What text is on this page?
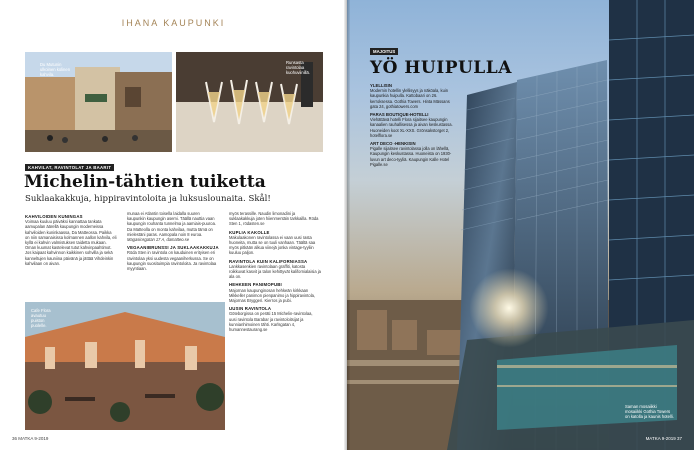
IHANA KAUPUNKI
Du Mutunin ulkoinen kolinen kahvila.
Runsasta ravintolaa kuohuviinillä.
KAHVILAT, RAVINTOLAT JA BAARIT
Michelin-tähtien tuiketta
Suklaakakkuja, hippiravintoloita ja luksuslounaita. Skål!
KAHVILOIDEN KUNINGAS

Voimaa kuuluu päiväksi kannattaa tankata aamupalan äärellä kaupungin moderneissa kahviloiden kuninkaassa, Da Matteossa. Paikka on niin samanaisissa kolmannen aallon kahvila, eli kyllä ei kahvin valmistuksen taidetta mukaan. Oman kuumat kastelevat tutut kahvinpaahtimot.

Jos kaipaat kahvinnon kaikkinen sohvilla ja sekä kanneltujen kauniina päivänä ja jättää Vihdeinkin kahvilaan on aivan.

munaa ei Atlantin toisella laidalla suuren kaupunkin kaupungin asemi. Täällä nauttia vaan kaupungin rouhanta tunnelma ja aamiais-puuroa. Da Matteolla on monta kahvilaa, mutta tämä on mielestäni paras. Aamopala noin 8 euroa.

Magasinsgatan 17 A, damatteo.se

VEGAANIBRUNSSI JA SUKLAAKAKKUJA

Röda Sten in ravintola on kauduinen erityisen eri ravintolaa yksi uudesta vegaaniherkussa. Se on kaupungin suosituimpia ravintoloita. Ja ravintolaa myyntiaan.

myös terassille. Naudin limonadini ja suklaakakkuja joten hiienmentäin tarkkailla. Röda Sten 1, rödasten.se

KUPLIA KAKOLLE

Makulaakonen ravintolassa ei vaan uusi rasta huoneita, mutta se on tuuli vanhaan. Täältä saa myös pitkään alkua viinejä jonka vintage-tyyliin kuuluu paljon.

RAVINTOLA KUIN KALIFORNIASSA

Lankkasenkien ravintolaan graffiti, katosta roikkuvat kasvit ja talon kehittyvät kalifornialaisia ja ala on.

HEHKEEN PANIMOPUBI

Majornan kaupunginosan hehkeän kirkkaan Mikkeller panimon pienpanimo ja hippiravintola, Majornas Bryggeri. Kierros ja pubi.

UUSIN RAVINTOLA

Göteborgissa on peräti 15 Michelin-ravintolaa, uusi ravintola Barabar ja ravintoloitsijat ja kunnianhimoinen tähti. Karlsgatan 4, humannestaurang.se

Cafe Flora avautuu puiston puolelle.
36 MATKA 9-2019
Saman mosaiikki mosaiikki Gothia Towers on katolla ja kaunis hotelli.
MATKA 9-2019 37
MAJOITUS
YÖ HUIPULLA
YLELLISIN

Modernin hotellin ylellisyys ja näköala, kuin kaupunkia huipulla. Kattobaari on 26. kerroksessa. Gothia Towers. Hinta Mässans gata 24, gothiatowers.com

PARAS BOUTIQUE-HOTELLI

Viehättävä hotelli Flora sijaitsee kaupungin kanaalien rauhallisessa ja aivan keskustassa. Huoneiden koot XL-XXS. Grönsakstorget 2, hotelflora.se

ART DECO -HENKISIN

Pigalle sijaitsee ravintolassa jolla on lähellä, Kaupungin keskustassa. Huoneista on 1930-luvun art deco-tyyliä. Kaupungin Kalle Hotel Pigalle.se
